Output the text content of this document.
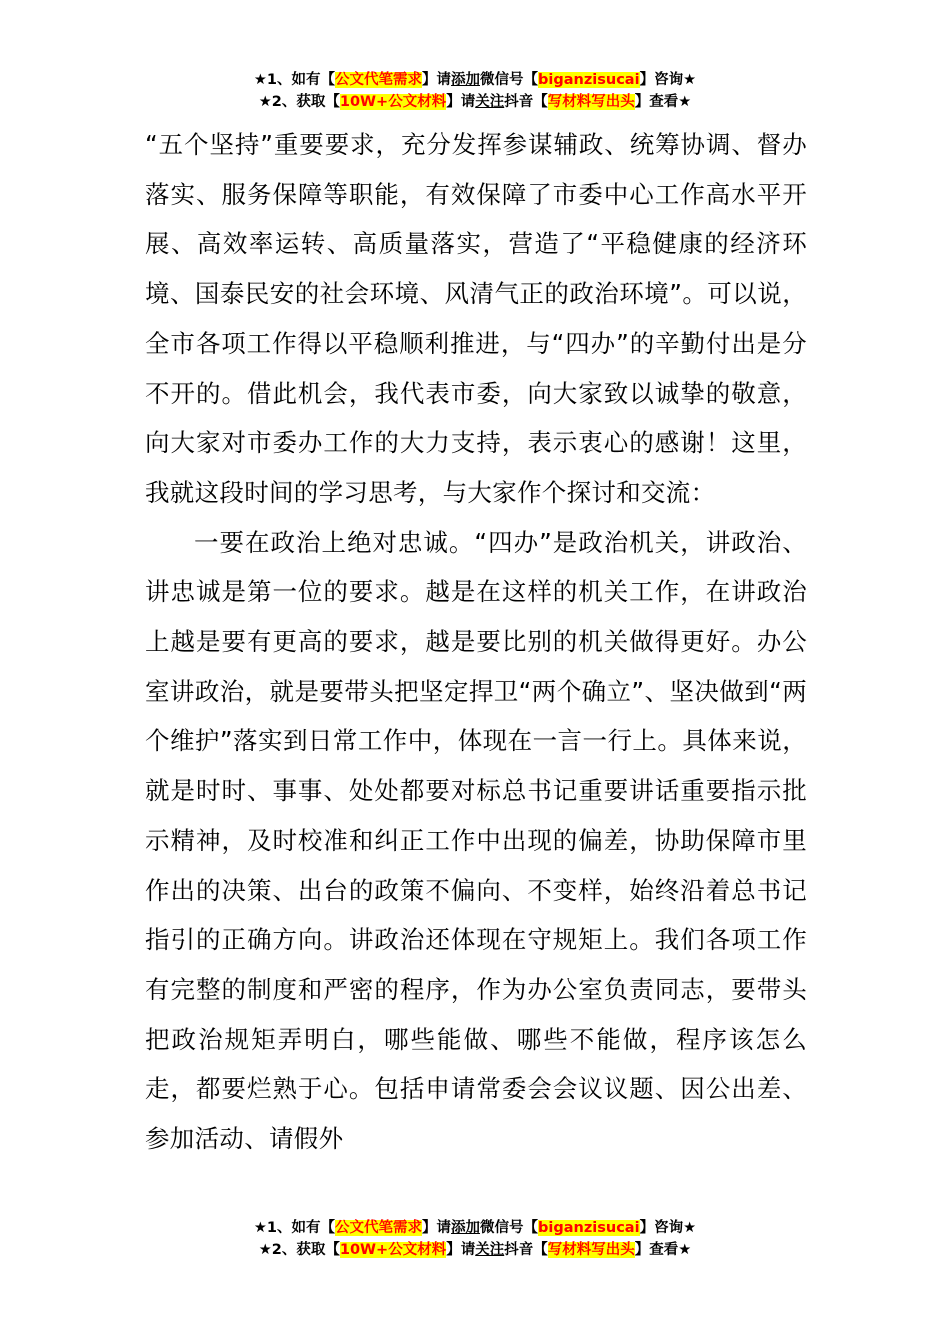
★1、如有【公文代笔需求】请添加微信号【biganzisucai】咨询★
★2、获取【10W+公文材料】请关注抖音【写材料写出头】查看★

“五个坚持”重要要求，充分发挥参谋辅政、统筹协调、督办落实、服务保障等职能，有效保障了市委中心工作高水平开展、高效率运转、高质量落实，营造了“平稳健康的经济环境、国泰民安的社会环境、风清气正的政治环境”。可以说，全市各项工作得以平稳顺利推进，与“四办”的辛勤付出是分不开的。借此机会，我代表市委，向大家致以诚挚的敬意，向大家对市委办工作的大力支持，表示衷心的感谢！这里，我就这段时间的学习思考，与大家作个探讨和交流：

一要在政治上绝对忠诚。“四办”是政治机关，讲政治、讲忠诚是第一位的要求。越是在这样的机关工作，在讲政治上越是要有更高的要求，越是要比别的机关做得更好。办公室讲政治，就是要带头把坚定捍卫“两个确立”、坚决做到“两个维护”落实到日常工作中，体现在一言一行上。具体来说，就是时时、事事、处处都要对标总书记重要讲话重要指示批示精神，及时校准和纠正工作中出现的偏差，协助保障市里作出的决策、出台的政策不偏向、不变样，始终沿着总书记指引的正确方向。讲政治还体现在守规矩上。我们各项工作有完整的制度和严密的程序，作为办公室负责同志，要带头把政治规矩弄明白，哪些能做、哪些不能做，程序该怎么走，都要烂熟于心。包括申请常委会会议议题、因公出差、参加活动、请假外

★1、如有【公文代笔需求】请添加微信号【biganzisucai】咨询★
★2、获取【10W+公文材料】请关注抖音【写材料写出头】查看★
